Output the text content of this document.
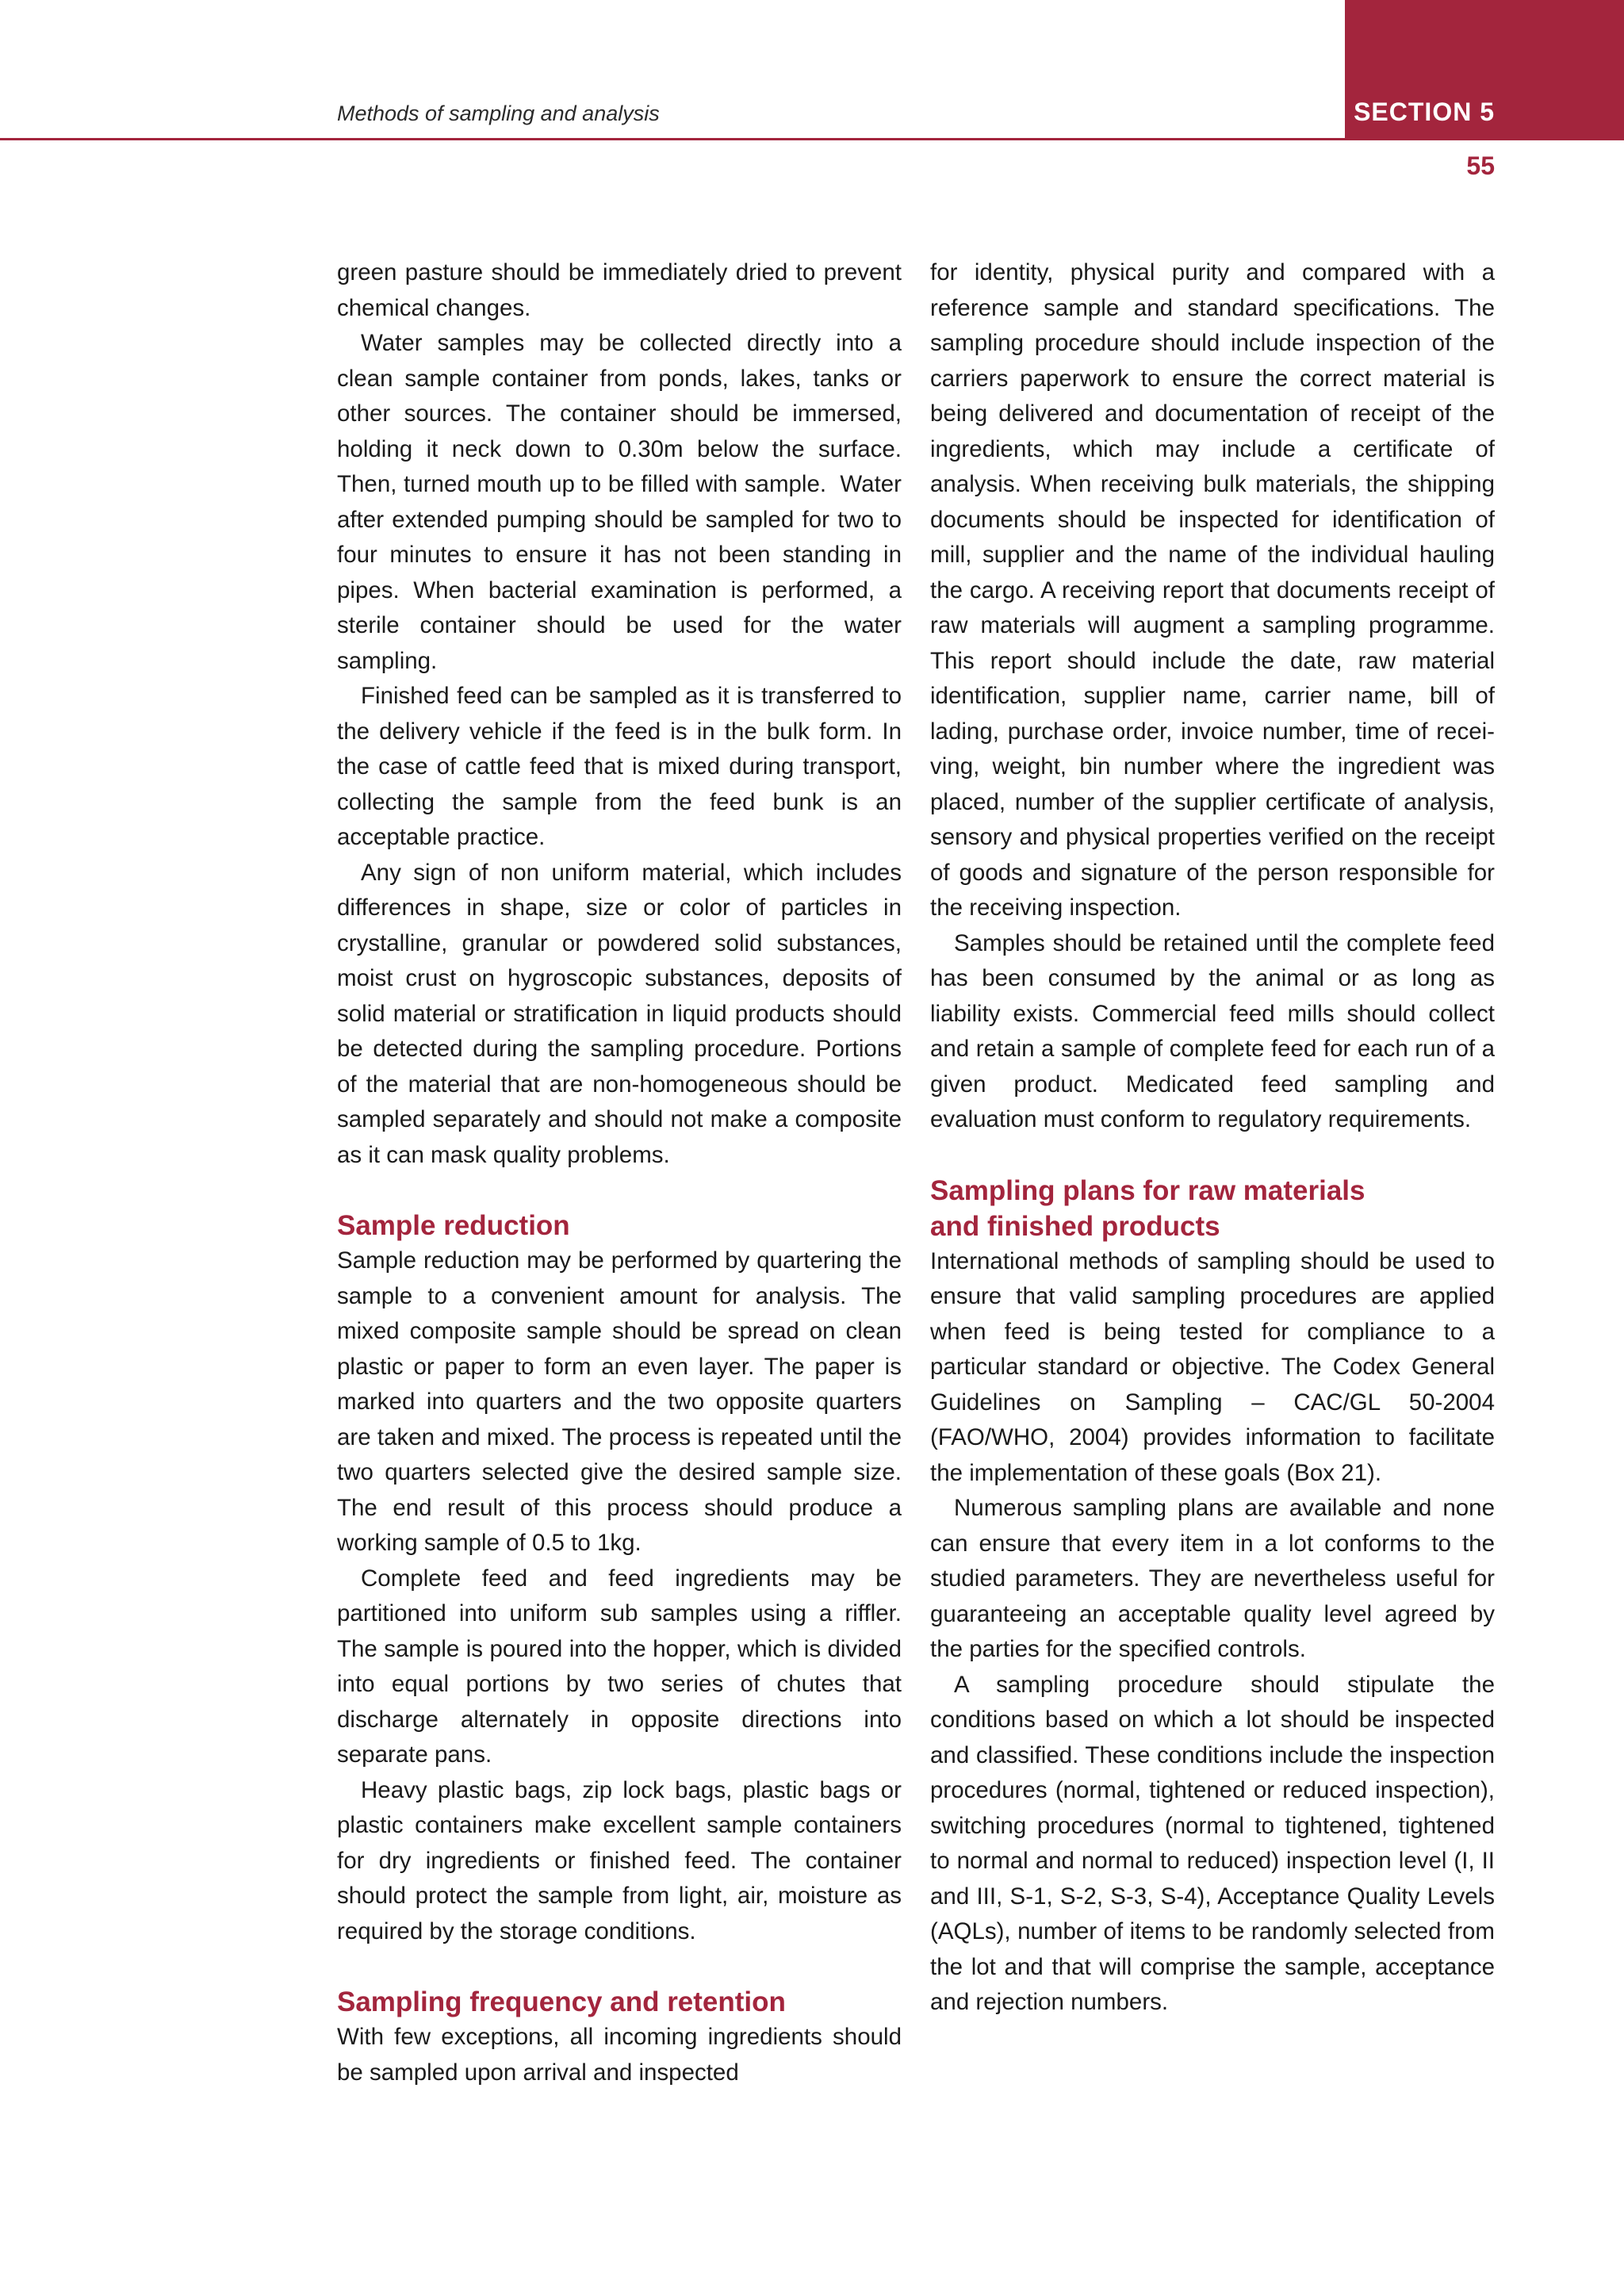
Methods of sampling and analysis	SECTION 5
55

green pasture should be immediately dried to prevent chemical changes.

Water samples may be collected directly into a clean sample container from ponds, lakes, tanks or other sources. The container should be immersed, holding it neck down to 0.30m below the surface. Then, turned mouth up to be filled with sample.  Water after extended pumping should be sampled for two to four minutes to ensure it has not been standing in pipes. When bacterial examination is performed, a sterile container should be used for the water sampling.

Finished feed can be sampled as it is transferred to the delivery vehicle if the feed is in the bulk form. In the case of cattle feed that is mixed during transport, collecting the sample from the feed bunk is an acceptable practice.

Any sign of non uniform material, which includes differences in shape, size or color of particles in crystalline, granular or powdered solid substances, moist crust on hygroscopic substances, deposits of solid material or stratification in liquid products should be detected during the sampling procedure. Portions of the material that are non-homogeneous should be sampled separately and should not make a composite as it can mask quality problems.

Sample reduction

Sample reduction may be performed by quartering the sample to a convenient amount for analysis. The mixed composite sample should be spread on clean plastic or paper to form an even layer. The paper is marked into quarters and the two opposite quarters are taken and mixed. The process is repeated until the two quarters selected give the desired sample size. The end result of this process should produce a working sample of 0.5 to 1kg.

Complete feed and feed ingredients may be partitioned into uniform sub samples using a riffler. The sample is poured into the hopper, which is divided into equal portions by two series of chutes that discharge alternately in opposite directions into separate pans.

Heavy plastic bags, zip lock bags, plastic bags or plastic containers make excellent sample containers for dry ingredients or finished feed. The container should protect the sample from light, air, moisture as required by the storage conditions.

Sampling frequency and retention

With few exceptions, all incoming ingredients should be sampled upon arrival and inspected

for identity, physical purity and compared with a reference sample and standard specifications. The sampling procedure should include inspection of the carriers paperwork to ensure the correct material is being delivered and documentation of receipt of the ingredients, which may include a certificate of analysis. When receiving bulk materials, the shipping documents should be inspected for identification of mill, supplier and the name of the individual hauling the cargo. A receiving report that documents receipt of raw materials will augment a sampling programme. This report should include the date, raw material identification, supplier name, carrier name, bill of lading, purchase order, invoice number, time of receiving, weight, bin number where the ingredient was placed, number of the supplier certificate of analysis, sensory and physical properties verified on the receipt of goods and signature of the person responsible for the receiving inspection.

Samples should be retained until the complete feed has been consumed by the animal or as long as liability exists. Commercial feed mills should collect and retain a sample of complete feed for each run of a given product. Medicated feed sampling and evaluation must conform to regulatory requirements.

Sampling plans for raw materials
and finished products

International methods of sampling should be used to ensure that valid sampling procedures are applied when feed is being tested for compliance to a particular standard or objective. The Codex General Guidelines on Sampling – CAC/GL 50-2004 (FAO/WHO, 2004) provides information to facilitate the implementation of these goals (Box 21).

Numerous sampling plans are available and none can ensure that every item in a lot conforms to the studied parameters. They are nevertheless useful for guaranteeing an acceptable quality level agreed by the parties for the specified controls.

A sampling procedure should stipulate the conditions based on which a lot should be inspected and classified. These conditions include the inspection procedures (normal, tightened or reduced inspection), switching procedures (normal to tightened, tightened to normal and normal to reduced) inspection level (I, II and III, S-1, S-2, S-3, S-4), Acceptance Quality Levels (AQLs), number of items to be randomly selected from the lot and that will comprise the sample, acceptance and rejection numbers.
